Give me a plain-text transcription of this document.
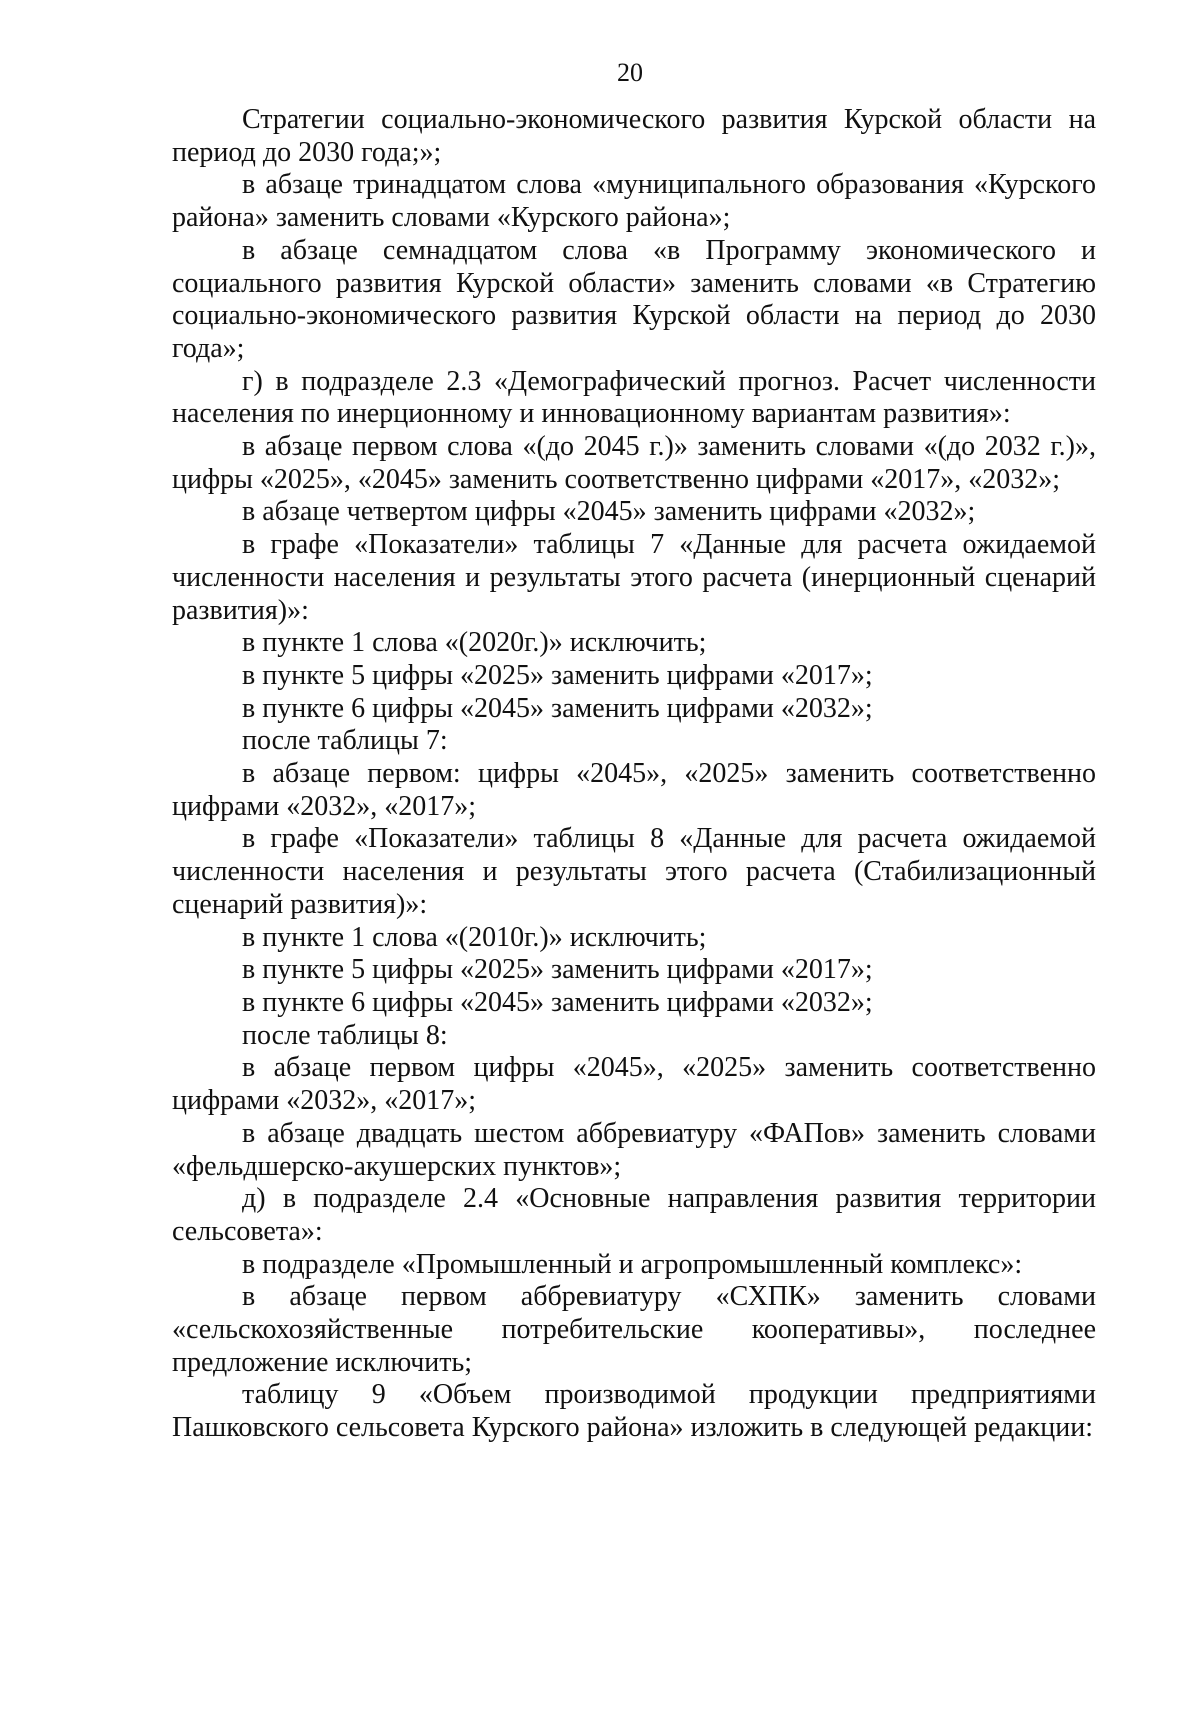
20

Стратегии социально-экономического развития Курской области на период до 2030 года;»;

в абзаце тринадцатом слова «муниципального образования «Курского района» заменить словами «Курского района»;

в абзаце семнадцатом слова «в Программу экономического и социального развития Курской области» заменить словами «в Стратегию социально-экономического развития Курской области на период до 2030 года»;

г) в подразделе 2.3 «Демографический прогноз. Расчет численности населения по инерционному и инновационному вариантам развития»:

в абзаце первом слова «(до 2045 г.)» заменить словами «(до 2032 г.)», цифры «2025», «2045» заменить соответственно цифрами «2017», «2032»;

в абзаце четвертом цифры «2045» заменить цифрами «2032»;

в графе «Показатели» таблицы 7 «Данные для расчета ожидаемой численности населения и результаты этого расчета (инерционный сценарий развития)»:

в пункте 1 слова «(2020г.)» исключить;

в пункте 5 цифры «2025» заменить цифрами «2017»;

в пункте 6 цифры «2045» заменить цифрами «2032»;

после таблицы 7:

в абзаце первом: цифры «2045», «2025» заменить соответственно цифрами «2032», «2017»;

в графе «Показатели» таблицы 8 «Данные для расчета ожидаемой численности населения и результаты этого расчета (Стабилизационный сценарий развития)»:

в пункте 1 слова «(2010г.)» исключить;

в пункте 5 цифры «2025» заменить цифрами «2017»;

в пункте 6 цифры «2045» заменить цифрами «2032»;

после таблицы 8:

в абзаце первом цифры «2045», «2025» заменить соответственно цифрами «2032», «2017»;

в абзаце двадцать шестом аббревиатуру «ФАПов» заменить словами «фельдшерско-акушерских пунктов»;

д) в подразделе 2.4 «Основные направления развития территории сельсовета»:

в подразделе «Промышленный и агропромышленный комплекс»:

в абзаце первом аббревиатуру «СХПК» заменить словами «сельскохозяйственные потребительские кооперативы», последнее предложение исключить;

таблицу 9 «Объем производимой продукции предприятиями Пашковского сельсовета Курского района» изложить в следующей редакции:
